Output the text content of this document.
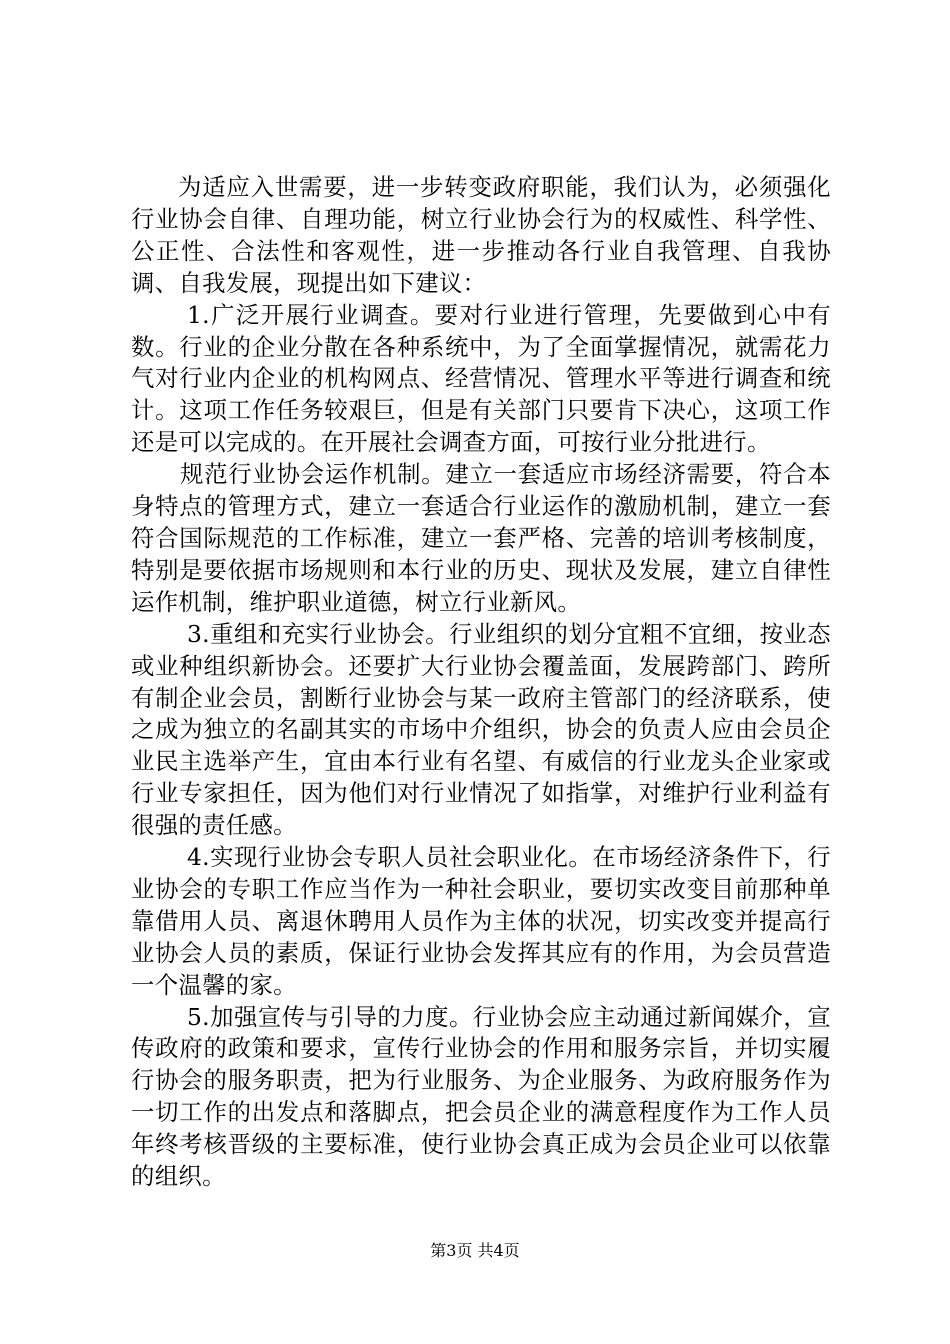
为适应入世需要，进一步转变政府职能，我们认为，必须强化行业协会自律、自理功能，树立行业协会行为的权威性、科学性、公正性、合法性和客观性，进一步推动各行业自我管理、自我协调、自我发展，现提出如下建议：

1.广泛开展行业调查。要对行业进行管理，先要做到心中有数。行业的企业分散在各种系统中，为了全面掌握情况，就需花力气对行业内企业的机构网点、经营情况、管理水平等进行调查和统计。这项工作任务较艰巨，但是有关部门只要肯下决心，这项工作还是可以完成的。在开展社会调查方面，可按行业分批进行。

规范行业协会运作机制。建立一套适应市场经济需要，符合本身特点的管理方式，建立一套适合行业运作的激励机制，建立一套符合国际规范的工作标准，建立一套严格、完善的培训考核制度，特别是要依据市场规则和本行业的历史、现状及发展，建立自律性运作机制，维护职业道德，树立行业新风。

3.重组和充实行业协会。行业组织的划分宜粗不宜细，按业态或业种组织新协会。还要扩大行业协会覆盖面，发展跨部门、跨所有制企业会员，割断行业协会与某一政府主管部门的经济联系，使之成为独立的名副其实的市场中介组织，协会的负责人应由会员企业民主选举产生，宜由本行业有名望、有威信的行业龙头企业家或行业专家担任，因为他们对行业情况了如指掌，对维护行业利益有很强的责任感。

4.实现行业协会专职人员社会职业化。在市场经济条件下，行业协会的专职工作应当作为一种社会职业，要切实改变目前那种单靠借用人员、离退休聘用人员作为主体的状况，切实改变并提高行业协会人员的素质，保证行业协会发挥其应有的作用，为会员营造一个温馨的家。

5.加强宣传与引导的力度。行业协会应主动通过新闻媒介，宣传政府的政策和要求，宣传行业协会的作用和服务宗旨，并切实履行协会的服务职责，把为行业服务、为企业服务、为政府服务作为一切工作的出发点和落脚点，把会员企业的满意程度作为工作人员年终考核晋级的主要标准，使行业协会真正成为会员企业可以依靠的组织。

第3页 共4页
